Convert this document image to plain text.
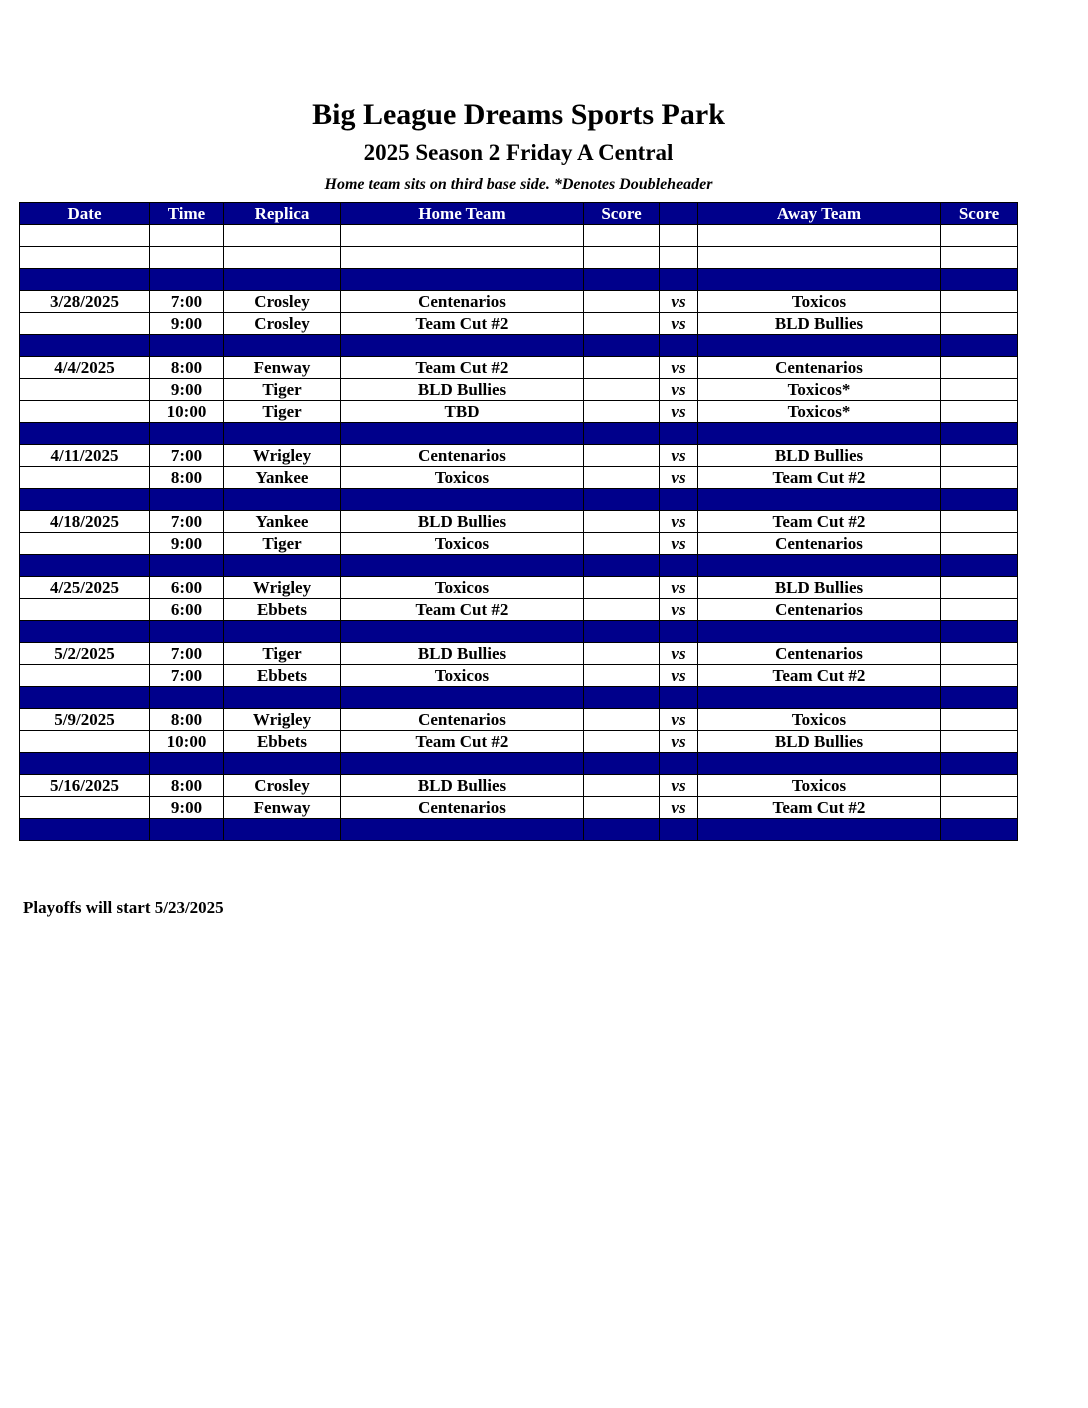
Big League Dreams Sports Park
2025 Season 2 Friday A Central

Home team sits on third base side. *Denotes Doubleheader

Date	Time	Replica	Home Team	Score		Away Team	Score

3/28/2025	7:00	Crosley	Centenarios		vs	Toxicos	
	9:00	Crosley	Team Cut #2		vs	BLD Bullies	

4/4/2025	8:00	Fenway	Team Cut #2		vs	Centenarios	
	9:00	Tiger	BLD Bullies		vs	Toxicos*	
	10:00	Tiger	TBD		vs	Toxicos*	

4/11/2025	7:00	Wrigley	Centenarios		vs	BLD Bullies	
	8:00	Yankee	Toxicos		vs	Team Cut #2	

4/18/2025	7:00	Yankee	BLD Bullies		vs	Team Cut #2	
	9:00	Tiger	Toxicos		vs	Centenarios	

4/25/2025	6:00	Wrigley	Toxicos		vs	BLD Bullies	
	6:00	Ebbets	Team Cut #2		vs	Centenarios	

5/2/2025	7:00	Tiger	BLD Bullies		vs	Centenarios	
	7:00	Ebbets	Toxicos		vs	Team Cut #2	

5/9/2025	8:00	Wrigley	Centenarios		vs	Toxicos	
	10:00	Ebbets	Team Cut #2		vs	BLD Bullies	

5/16/2025	8:00	Crosley	BLD Bullies		vs	Toxicos	
	9:00	Fenway	Centenarios		vs	Team Cut #2	

Playoffs will start 5/23/2025
